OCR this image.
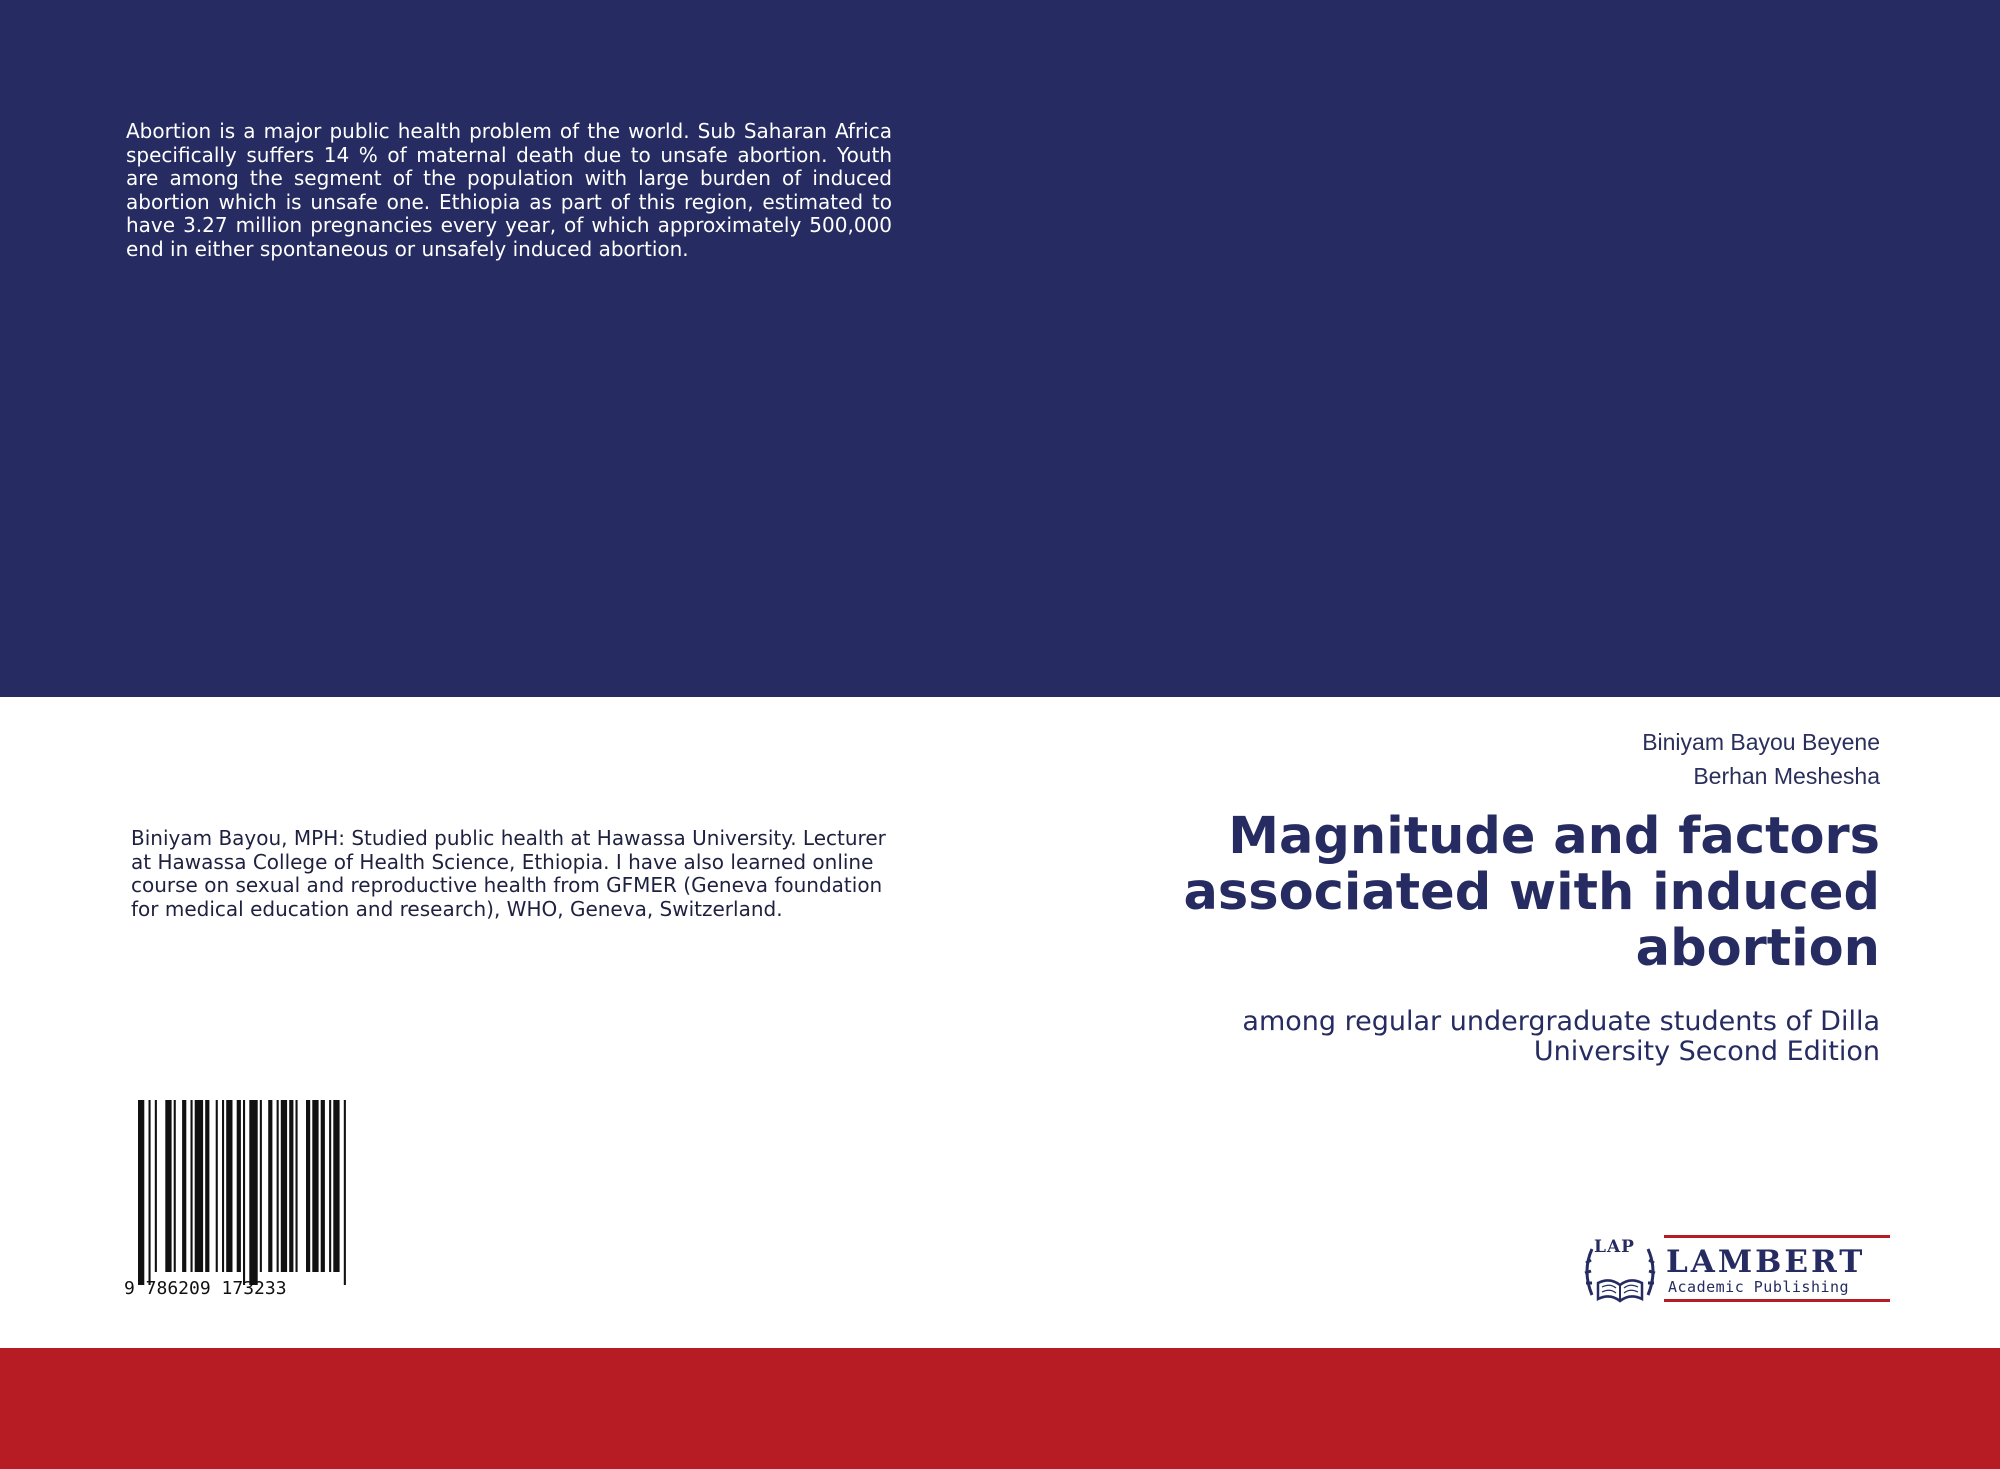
Abortion is a major public health problem of the world. Sub Saharan Africa specifically suffers 14 % of maternal death due to unsafe abortion. Youth are among the segment of the population with large burden of induced abortion which is unsafe one. Ethiopia as part of this region, estimated to have 3.27 million pregnancies every year, of which approximately 500,000 end in either spontaneous or unsafely induced abortion.
Biniyam Bayou Beyene
Berhan Meshesha
Magnitude and factors associated with induced abortion
among regular undergraduate students of Dilla University Second Edition
Biniyam Bayou, MPH: Studied public health at Hawassa University. Lecturer at Hawassa College of Health Science, Ethiopia. I have also learned online course on sexual and reproductive health from GFMER (Geneva foundation for medical education and research), WHO, Geneva, Switzerland.
9 786209 173233
LAP LAMBERT
Academic Publishing
